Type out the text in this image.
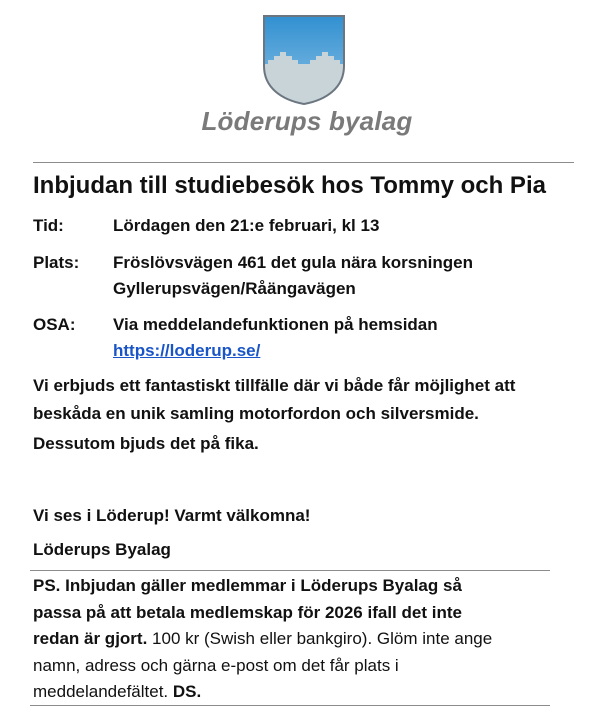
Löderups byalag
Inbjudan till studiebesök hos Tommy och Pia
Tid:	Lördagen den 21:e februari, kl 13
Plats:	Fröslövsvägen 461 det gula nära korsningen
Gyllerupsvägen/Råängavägen
OSA:	Via meddelandefunktionen på hemsidan
https://loderup.se/
Vi erbjuds ett fantastiskt tillfälle där vi både får möjlighet att
beskåda en unik samling motorfordon och silversmide.
Dessutom bjuds det på fika.
Vi ses i Löderup! Varmt välkomna!
Löderups Byalag
PS. Inbjudan gäller medlemmar i Löderups Byalag så
passa på att betala medlemskap för 2026 ifall det inte
redan är gjort. 100 kr (Swish eller bankgiro). Glöm inte ange
namn, adress och gärna e-post om det får plats i
meddelandefältet. DS.
